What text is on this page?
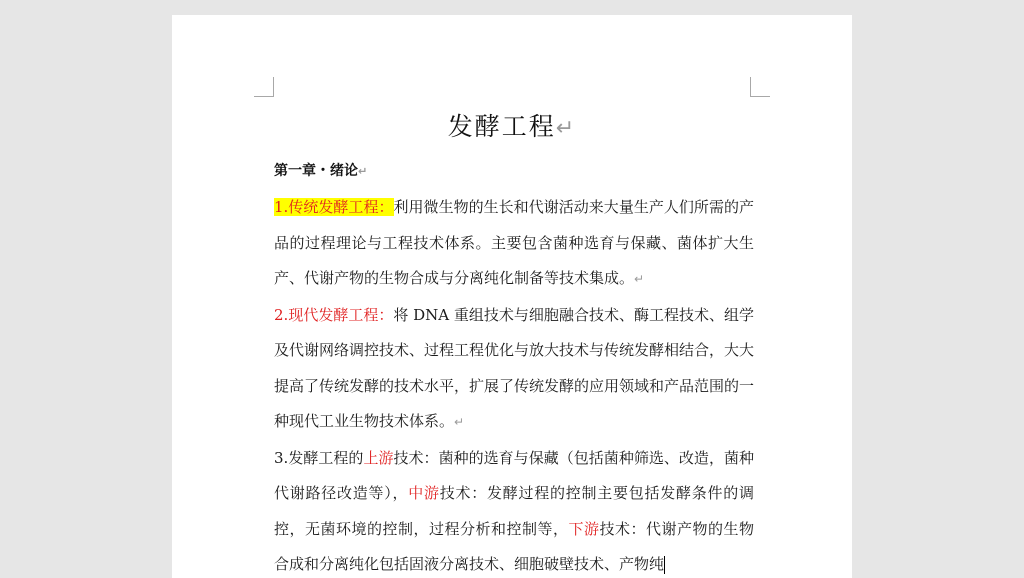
发酵工程↵
第一章・绪论↵

1.传统发酵工程：利用微生物的生长和代谢活动来大量生产人们所需的产品的过程理论与工程技术体系。主要包含菌种选育与保藏、菌体扩大生产、代谢产物的生物合成与分离纯化制备等技术集成。↵

2.现代发酵工程：将 DNA 重组技术与细胞融合技术、酶工程技术、组学及代谢网络调控技术、过程工程优化与放大技术与传统发酵相结合，大大提高了传统发酵的技术水平，扩展了传统发酵的应用领域和产品范围的一种现代工业生物技术体系。↵

3.发酵工程的上游技术：菌种的选育与保藏（包括菌种筛选、改造，菌种代谢路径改造等），中游技术：发酵过程的控制主要包括发酵条件的调控，无菌环境的控制，过程分析和控制等，下游技术：代谢产物的生物合成和分离纯化包括固液分离技术、细胞破壁技术、产物纯
